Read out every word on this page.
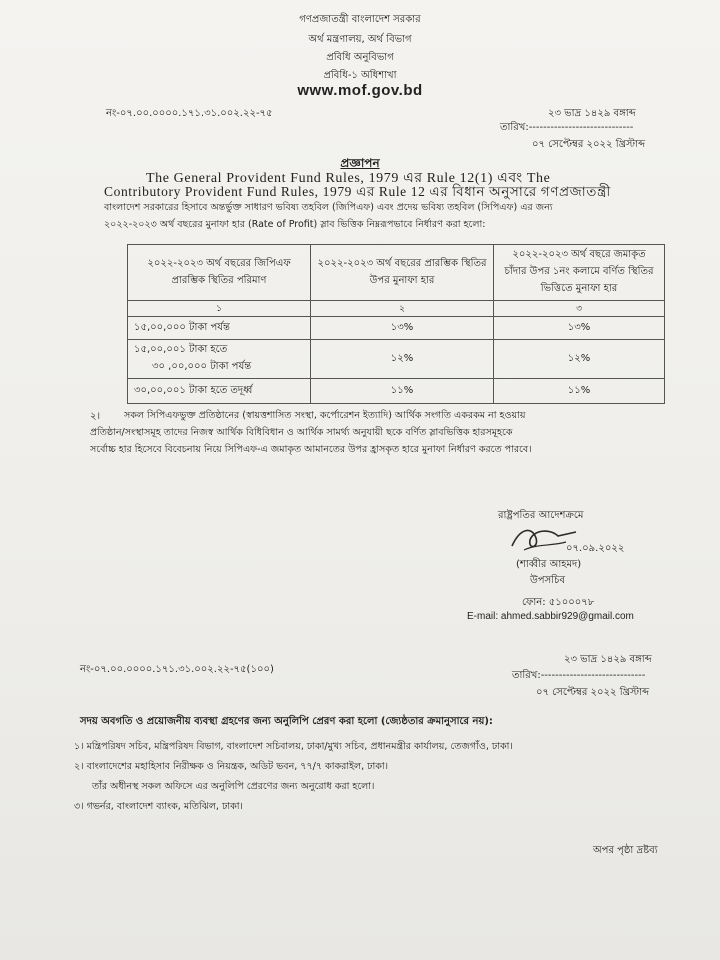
গণপ্রজাতন্ত্রী বাংলাদেশ সরকার
অর্থ মন্ত্রণালয়, অর্থ বিভাগ
প্রবিধি অনুবিভাগ
প্রবিধি-১ অধিশাখা
www.mof.gov.bd
নং-০৭.০০.০০০০.১৭১.৩১.০০২.২২-৭৫	২৩ ভাদ্র ১৪২৯ বঙ্গাব্দ
তারিখ:-----------------------------
০৭ সেপ্টেম্বর ২০২২ খ্রিস্টাব্দ
প্রজ্ঞাপন
The General Provident Fund Rules, 1979 এর Rule 12(1) এবং The
Contributory Provident Fund Rules, 1979 এর Rule 12 এর বিধান অনুসারে গণপ্রজাতন্ত্রী
বাংলাদেশ সরকারের হিসাবে অন্তর্ভুক্ত সাধারণ ভবিষ্য তহবিল (জিপিএফ) এবং প্রদেয় ভবিষ্য তহবিল (সিপিএফ) এর জন্য
২০২২-২০২৩ অর্থ বছরের মুনাফা হার (Rate of Profit) স্লাব ভিত্তিক নিম্নরূপভাবে নির্ধারণ করা হলো:
২০২২-২০২৩ অর্থ বছরের জিপিএফ প্রারম্ভিক স্থিতির পরিমাণ	২০২২-২০২৩ অর্থ বছরের প্রারম্ভিক স্থিতির উপর মুনাফা হার	২০২২-২০২৩ অর্থ বছরে জমাকৃত চাঁদার উপর ১নং কলামে বর্ণিত স্থিতির ভিত্তিতে মুনাফা হার
১	২	৩
১৫,০০,০০০ টাকা পর্যন্ত	১৩%	১৩%

১৫,০০,০০১ টাকা হতে
৩০ ,০০,০০০ টাকা পর্যন্ত	১২%	১২%
৩০,০০,০০১ টাকা হতে তদূর্ধ্ব	১১%	১১%
২।	সকল সিপিএফভুক্ত প্রতিষ্ঠানের (স্বায়ত্তশাসিত সংস্থা, কর্পোরেশন ইত্যাদি) আর্থিক সংগতি একরকম না হওয়ায়
প্রতিষ্ঠান/সংস্থাসমূহ তাদের নিজস্ব আর্থিক বিধিবিধান ও আর্থিক সামর্থ্য অনুযায়ী ছকে বর্ণিত স্লাবভিত্তিক হারসমূহকে
সর্বোচ্চ হার হিসেবে বিবেচনায় নিয়ে সিপিএফ-এ জমাকৃত আমানতের উপর হ্রাসকৃত হারে মুনাফা নির্ধারণ করতে পারবে।
রাষ্ট্রপতির আদেশক্রমে
০৭.০৯.২০২২
(শাব্বীর আহমদ)
উপসচিব
ফোন: ৫১০০০৭৮
E-mail: ahmed.sabbir929@gmail.com
নং-০৭.০০.০০০০.১৭১.৩১.০০২.২২-৭৫(১০০)
২৩ ভাদ্র ১৪২৯ বঙ্গাব্দ
তারিখ:-----------------------------
০৭ সেপ্টেম্বর ২০২২ খ্রিস্টাব্দ
সদয় অবগতি ও প্রয়োজনীয় ব্যবস্থা গ্রহণের জন্য অনুলিপি প্রেরণ করা হলো (জ্যেষ্ঠতার ক্রমানুসারে নয়):
১। মন্ত্রিপরিষদ সচিব, মন্ত্রিপরিষদ বিভাগ, বাংলাদেশ সচিবালয়, ঢাকা/মুখ্য সচিব, প্রধানমন্ত্রীর কার্যালয়, তেজগাঁও, ঢাকা।
২। বাংলাদেশের মহাহিসাব নিরীক্ষক ও নিয়ন্ত্রক, অডিট ভবন, ৭৭/৭ কাকরাইল, ঢাকা।
তাঁর অধীনস্থ সকল অফিসে এর অনুলিপি প্রেরণের জন্য অনুরোধ করা হলো।
৩। গভর্নর, বাংলাদেশ ব্যাংক, মতিঝিল, ঢাকা।
অপর পৃষ্ঠা দ্রষ্টব্য
